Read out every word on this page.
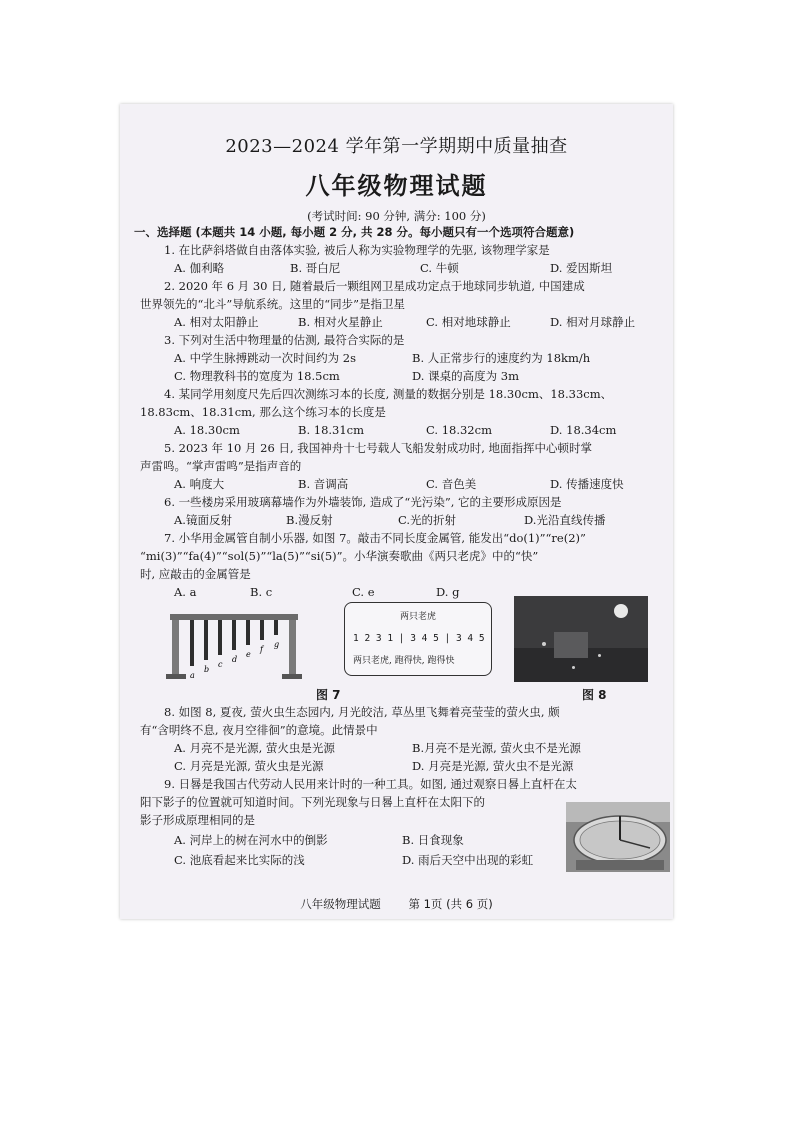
2023—2024 学年第一学期期中质量抽查
八年级物理试题
(考试时间: 90 分钟, 满分: 100 分)
一、选择题 (本题共 14 小题, 每小题 2 分, 共 28 分。每小题只有一个选项符合题意)
1. 在比萨斜塔做自由落体实验, 被后人称为实验物理学的先驱, 该物理学家是
A. 伽利略	B. 哥白尼	C. 牛顿	D. 爱因斯坦
2. 2020 年 6 月 30 日, 随着最后一颗组网卫星成功定点于地球同步轨道, 中国建成
世界领先的“北斗”导航系统。这里的“同步”是指卫星
A. 相对太阳静止	B. 相对火星静止	C. 相对地球静止	D. 相对月球静止
3. 下列对生活中物理量的估测, 最符合实际的是
A. 中学生脉搏跳动一次时间约为 2s	B. 人正常步行的速度约为 18km/h
C. 物理教科书的宽度为 18.5cm	D. 课桌的高度为 3m
4. 某同学用刻度尺先后四次测练习本的长度, 测量的数据分别是 18.30cm、18.33cm、
18.83cm、18.31cm, 那么这个练习本的长度是
A. 18.30cm	B. 18.31cm	C. 18.32cm	D. 18.34cm
5. 2023 年 10 月 26 日, 我国神舟十七号载人飞船发射成功时, 地面指挥中心顿时掌
声雷鸣。“掌声雷鸣”是指声音的
A. 响度大	B. 音调高	C. 音色美	D. 传播速度快
6. 一些楼房采用玻璃幕墙作为外墙装饰, 造成了“光污染”, 它的主要形成原因是
A.镜面反射	B.漫反射	C.光的折射	D.光沿直线传播
7. 小华用金属管自制小乐器, 如图 7。敲击不同长度金属管, 能发出“do(1)”“re(2)”
“mi(3)”“fa(4)”“sol(5)”“la(5)”“si(5)”。小华演奏歌曲《两只老虎》中的“快”
时, 应敲击的金属管是
A. a	B. c	C. e	D. g
a
b
c
d
e
f
g
两只老虎
1 2 3 1 | 3 4 5 | 3 4 5
两只老虎, 跑得快, 跑得快
图 7	图 8
8. 如图 8, 夏夜, 萤火虫生态园内, 月光皎洁, 草丛里飞舞着亮莹莹的萤火虫, 颇
有“含明终不息, 夜月空徘徊”的意境。此情景中
A. 月亮不是光源, 萤火虫是光源	B.月亮不是光源, 萤火虫不是光源
C. 月亮是光源, 萤火虫是光源	D. 月亮是光源, 萤火虫不是光源
9. 日晷是我国古代劳动人民用来计时的一种工具。如图, 通过观察日晷上直杆在太
阳下影子的位置就可知道时间。下列光现象与日晷上直杆在太阳下的
影子形成原理相同的是
A. 河岸上的树在河水中的倒影	B. 日食现象
C. 池底看起来比实际的浅	D. 雨后天空中出现的彩虹
八年级物理试题 第 1页 (共 6 页)
